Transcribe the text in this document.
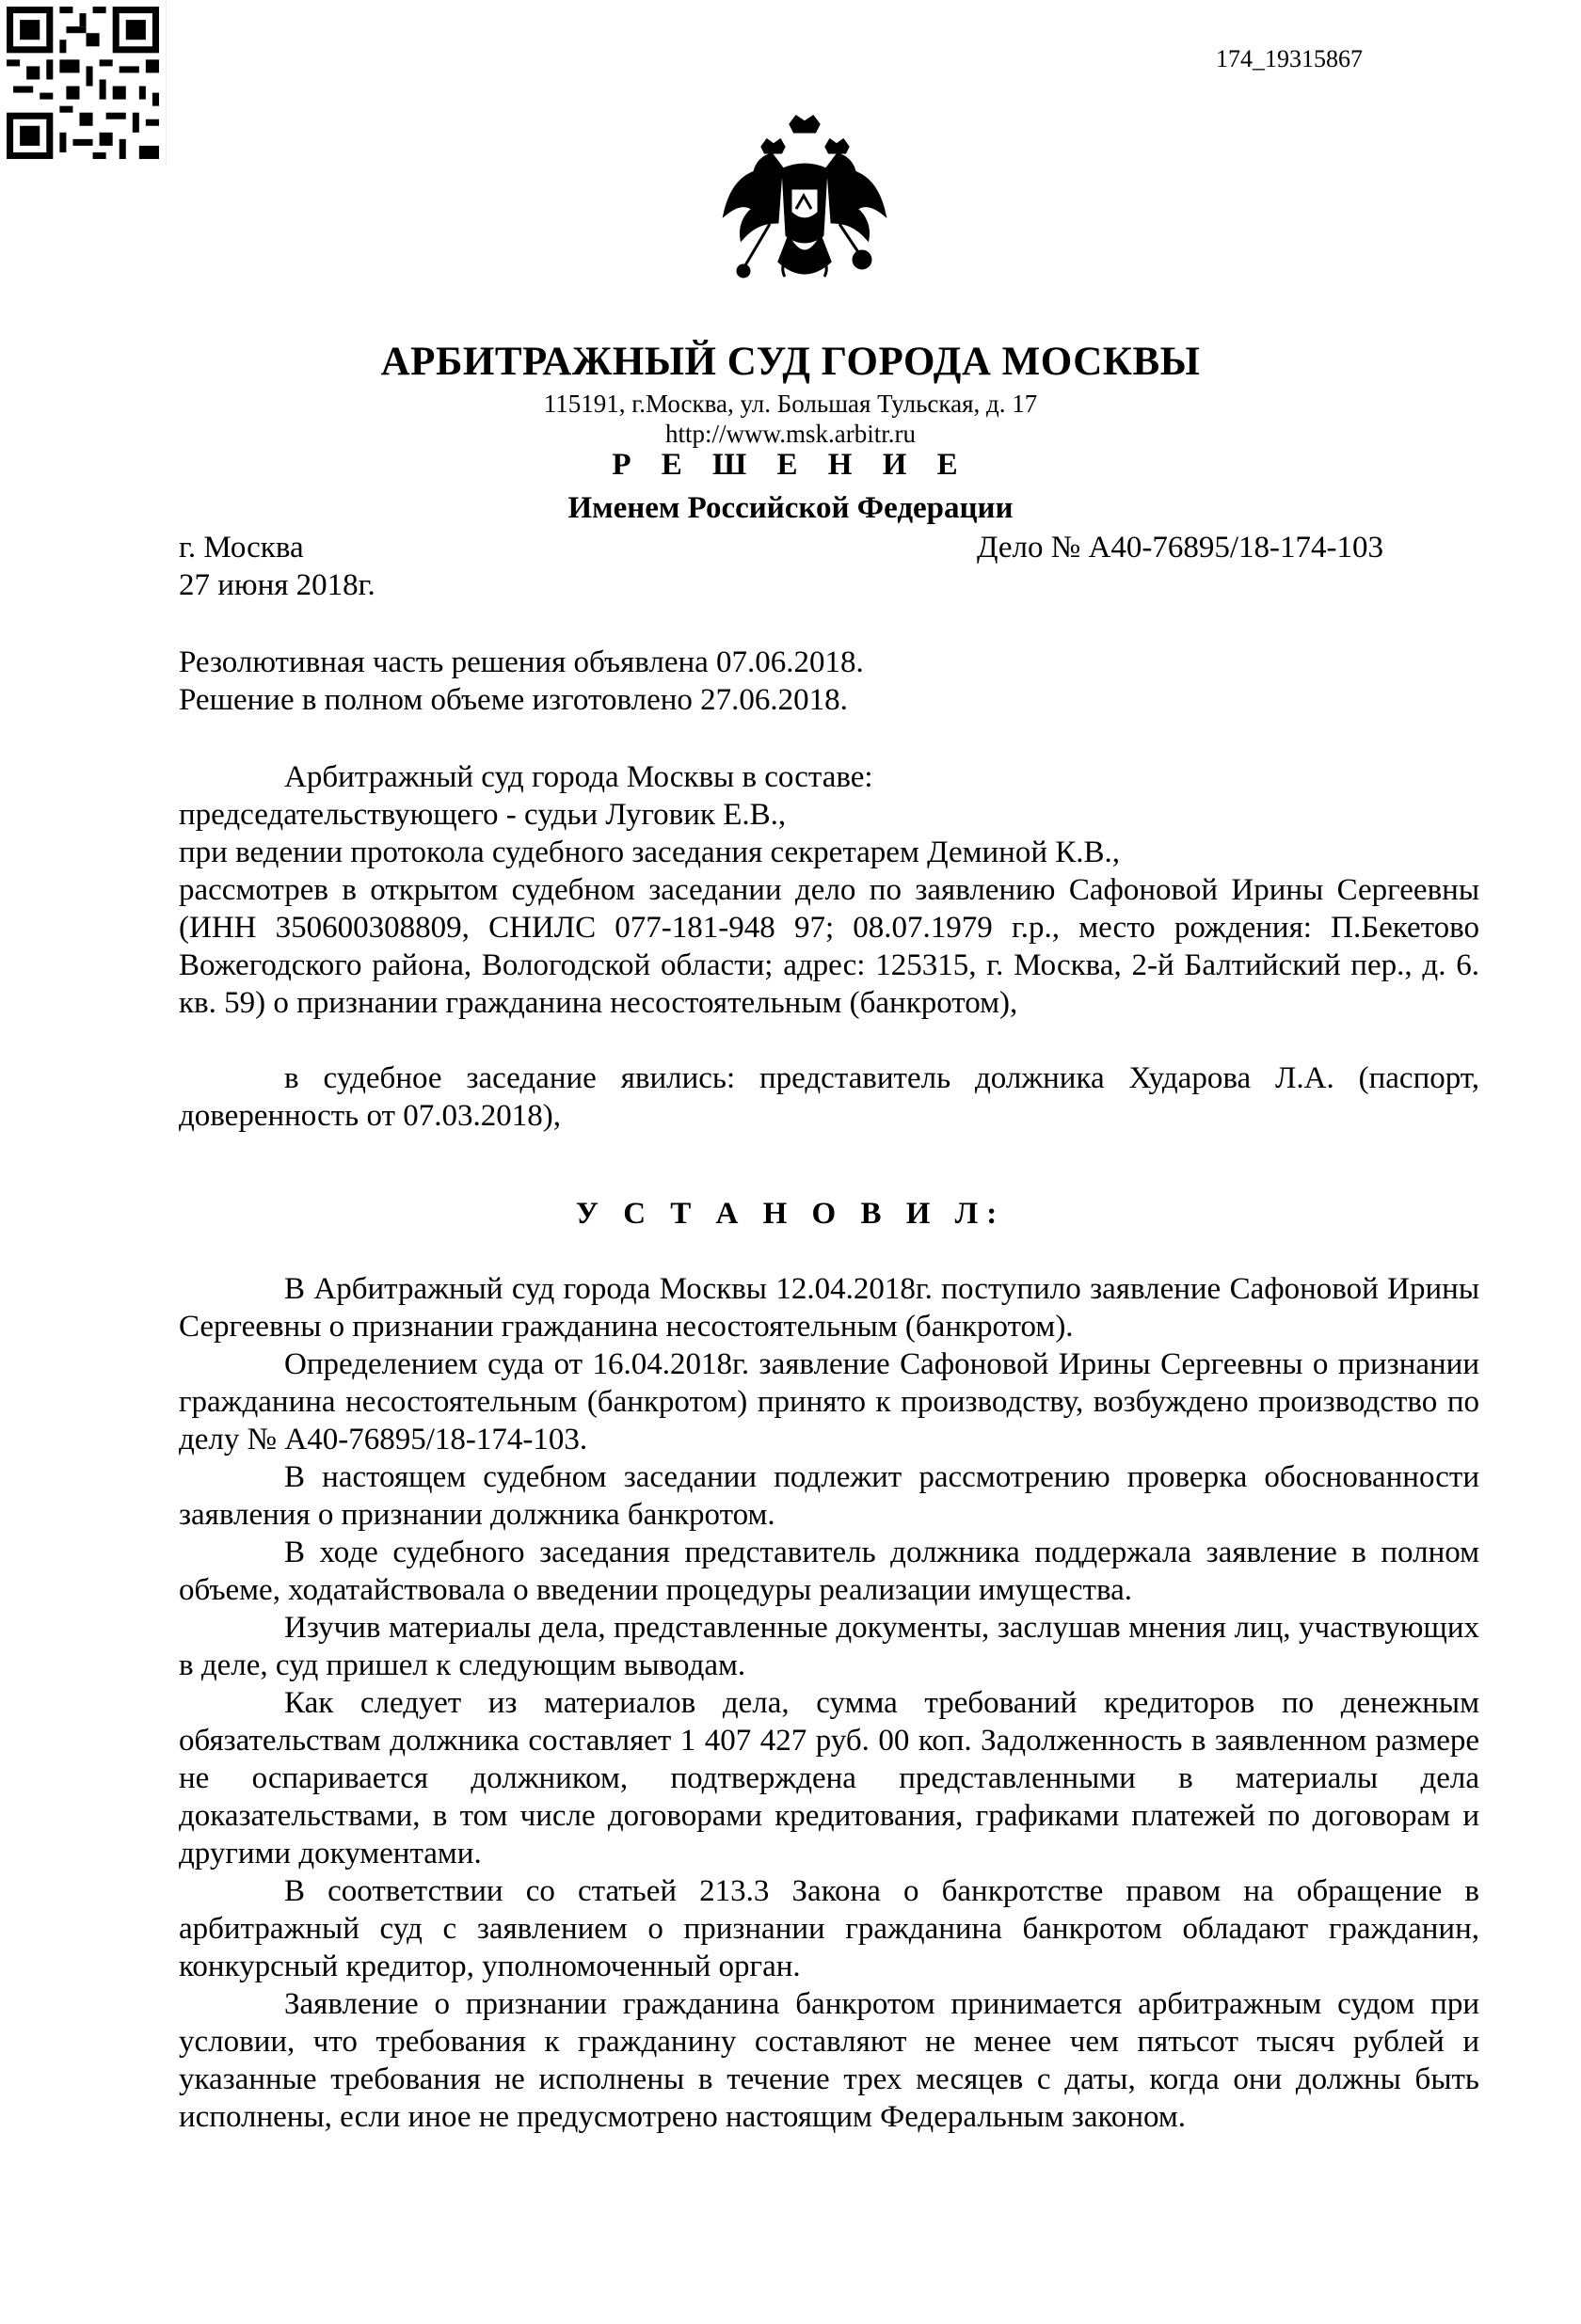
174_19315867
АРБИТРАЖНЫЙ СУД ГОРОДА МОСКВЫ
115191, г.Москва, ул. Большая Тульская, д. 17
http://www.msk.arbitr.ru
Р Е Ш Е Н И Е
Именем Российской Федерации
г. Москва	Дело № А40-76895/18-174-103
27 июня 2018г.
Резолютивная часть решения объявлена 07.06.2018.
Решение в полном объеме изготовлено 27.06.2018.
Арбитражный суд города Москвы в составе:
председательствующего - судьи Луговик Е.В.,
при ведении протокола судебного заседания секретарем Деминой К.В.,
рассмотрев в открытом судебном заседании дело по заявлению Сафоновой Ирины Сергеевны (ИНН 350600308809, СНИЛС 077-181-948 97; 08.07.1979 г.р., место рождения: П.Бекетово Вожегодского района, Вологодской области; адрес: 125315, г. Москва, 2-й Балтийский пер., д. 6. кв. 59) о признании гражданина несостоятельным (банкротом),
в судебное заседание явились: представитель должника Хударова Л.А. (паспорт, доверенность от 07.03.2018),
У С Т А Н О В И Л:
В Арбитражный суд города Москвы 12.04.2018г. поступило заявление Сафоновой Ирины Сергеевны о признании гражданина несостоятельным (банкротом).
Определением суда от 16.04.2018г. заявление Сафоновой Ирины Сергеевны о признании гражданина несостоятельным (банкротом) принято к производству, возбуждено производство по делу № А40-76895/18-174-103.
В настоящем судебном заседании подлежит рассмотрению проверка обоснованности заявления о признании должника банкротом.
В ходе судебного заседания представитель должника поддержала заявление в полном объеме, ходатайствовала о введении процедуры реализации имущества.
Изучив материалы дела, представленные документы, заслушав мнения лиц, участвующих в деле, суд пришел к следующим выводам.
Как следует из материалов дела, сумма требований кредиторов по денежным обязательствам должника составляет 1 407 427 руб. 00 коп. Задолженность в заявленном размере не оспаривается должником, подтверждена представленными в материалы дела доказательствами, в том числе договорами кредитования, графиками платежей по договорам и другими документами.
В соответствии со статьей 213.3 Закона о банкротстве правом на обращение в арбитражный суд с заявлением о признании гражданина банкротом обладают гражданин, конкурсный кредитор, уполномоченный орган.
Заявление о признании гражданина банкротом принимается арбитражным судом при условии, что требования к гражданину составляют не менее чем пятьсот тысяч рублей и указанные требования не исполнены в течение трех месяцев с даты, когда они должны быть исполнены, если иное не предусмотрено настоящим Федеральным законом.
